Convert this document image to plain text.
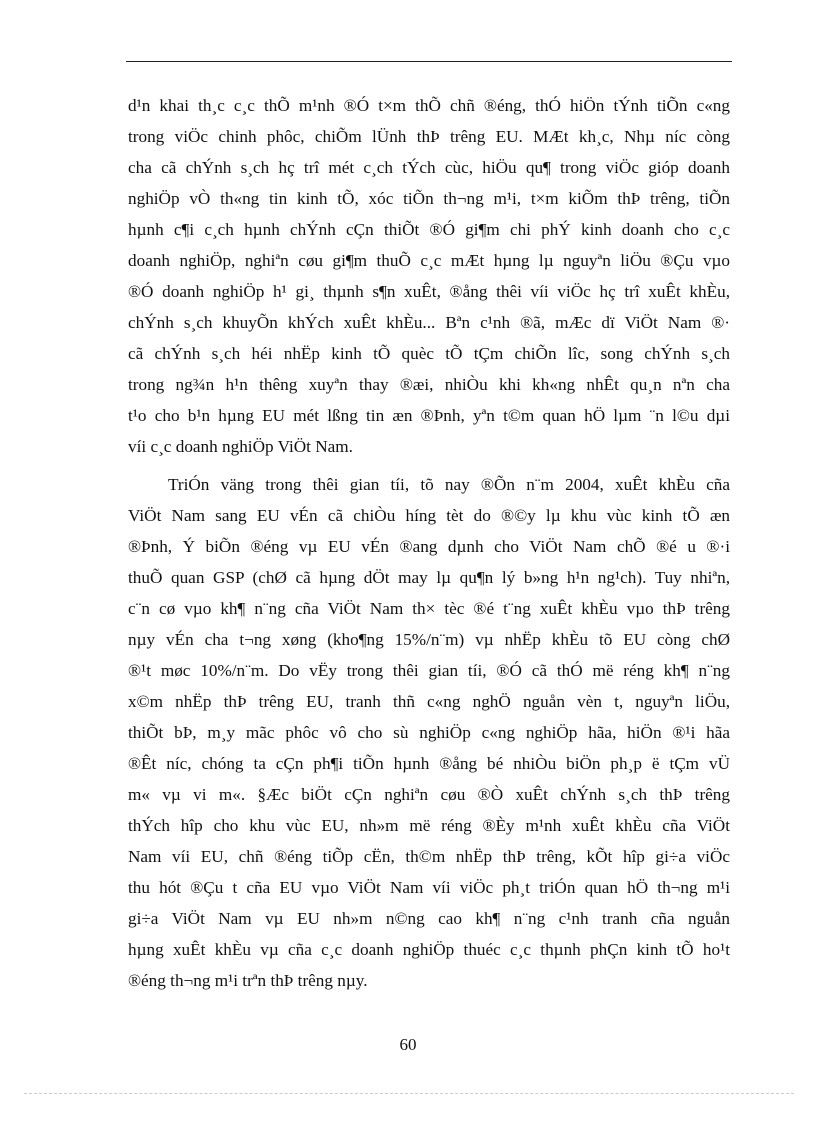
d¹n khai th¸c c¸c thÕ m¹nh ®Ó t×m thÕ chñ ®éng, thÓ hiÖn tÝnh tiÕn c«ng
trong viÖc chinh phôc, chiÕm lÜnh thÞ trêng EU. MÆt kh¸c, Nhµ níc còng
cha cã chÝnh s¸ch hç trî mét c¸ch tÝch cùc, hiÖu qu¶ trong viÖc gióp doanh
nghiÖp vÒ th«ng tin kinh tÕ, xóc tiÕn th¬ng m¹i, t×m kiÕm thÞ trêng, tiÕn
hµnh c¶i c¸ch hµnh chÝnh cÇn thiÕt ®Ó gi¶m chi phÝ kinh doanh cho c¸c
doanh nghiÖp, nghiªn cøu gi¶m thuÕ c¸c mÆt hµng lµ nguyªn liÖu ®Çu vµo
®Ó doanh nghiÖp h¹ gi¸ thµnh s¶n xuÊt, ®ång thêi víi viÖc hç trî xuÊt khÈu,
chÝnh s¸ch khuyÕn khÝch xuÊt khÈu... Bªn c¹nh ®ã, mÆc dï ViÖt Nam ®·
cã chÝnh s¸ch héi nhËp kinh tÕ quèc tÕ tÇm chiÕn lîc, song chÝnh s¸ch
trong ng¾n h¹n thêng xuyªn thay ®æi, nhiÒu khi kh«ng nhÊt qu¸n nªn cha
t¹o cho b¹n hµng EU mét lßng tin æn ®Þnh, yªn t©m quan hÖ lµm ¨n l©u dµi
víi c¸c doanh nghiÖp ViÖt Nam.
TriÓn väng trong thêi gian tíi, tõ nay ®Õn n¨m 2004, xuÊt khÈu cña
ViÖt Nam sang EU vÉn cã chiÒu híng tèt do ®©y lµ khu vùc kinh tÕ æn
®Þnh, Ý biÕn ®éng vµ EU vÉn ®ang dµnh cho ViÖt Nam chÕ ®é u ®·i
thuÕ quan GSP (chØ cã hµng dÖt may lµ qu¶n lý b»ng h¹n ng¹ch). Tuy nhiªn,
c¨n cø vµo kh¶ n¨ng cña ViÖt Nam th× tèc ®é t¨ng xuÊt khÈu vµo thÞ trêng
nµy vÉn cha t¬ng xøng (kho¶ng 15%/n¨m) vµ nhËp khÈu tõ EU còng chØ
®¹t møc 10%/n¨m. Do vËy trong thêi gian tíi, ®Ó cã thÓ më réng kh¶ n¨ng
x©m nhËp thÞ trêng EU, tranh thñ c«ng nghÖ nguån vèn t, nguyªn liÖu,
thiÕt bÞ, m¸y mãc phôc vô cho sù nghiÖp c«ng nghiÖp hãa, hiÖn ®¹i hãa
®Êt níc, chóng ta cÇn ph¶i tiÕn hµnh ®ång bé nhiÒu biÖn ph¸p ë tÇm vÜ
m« vµ vi m«. §Æc biÖt cÇn nghiªn cøu ®Ò xuÊt chÝnh s¸ch thÞ trêng
thÝch hîp cho khu vùc EU, nh»m më réng ®Èy m¹nh xuÊt khÈu cña ViÖt
Nam víi EU, chñ ®éng tiÕp cËn, th©m nhËp thÞ trêng, kÕt hîp gi÷a viÖc
thu hót ®Çu t cña EU vµo ViÖt Nam víi viÖc ph¸t triÓn quan hÖ th¬ng m¹i
gi÷a ViÖt Nam vµ EU nh»m n©ng cao kh¶ n¨ng c¹nh tranh cña nguån
hµng xuÊt khÈu vµ cña c¸c doanh nghiÖp thuéc c¸c thµnh phÇn kinh tÕ ho¹t
®éng th¬ng m¹i trªn thÞ trêng nµy.
60
